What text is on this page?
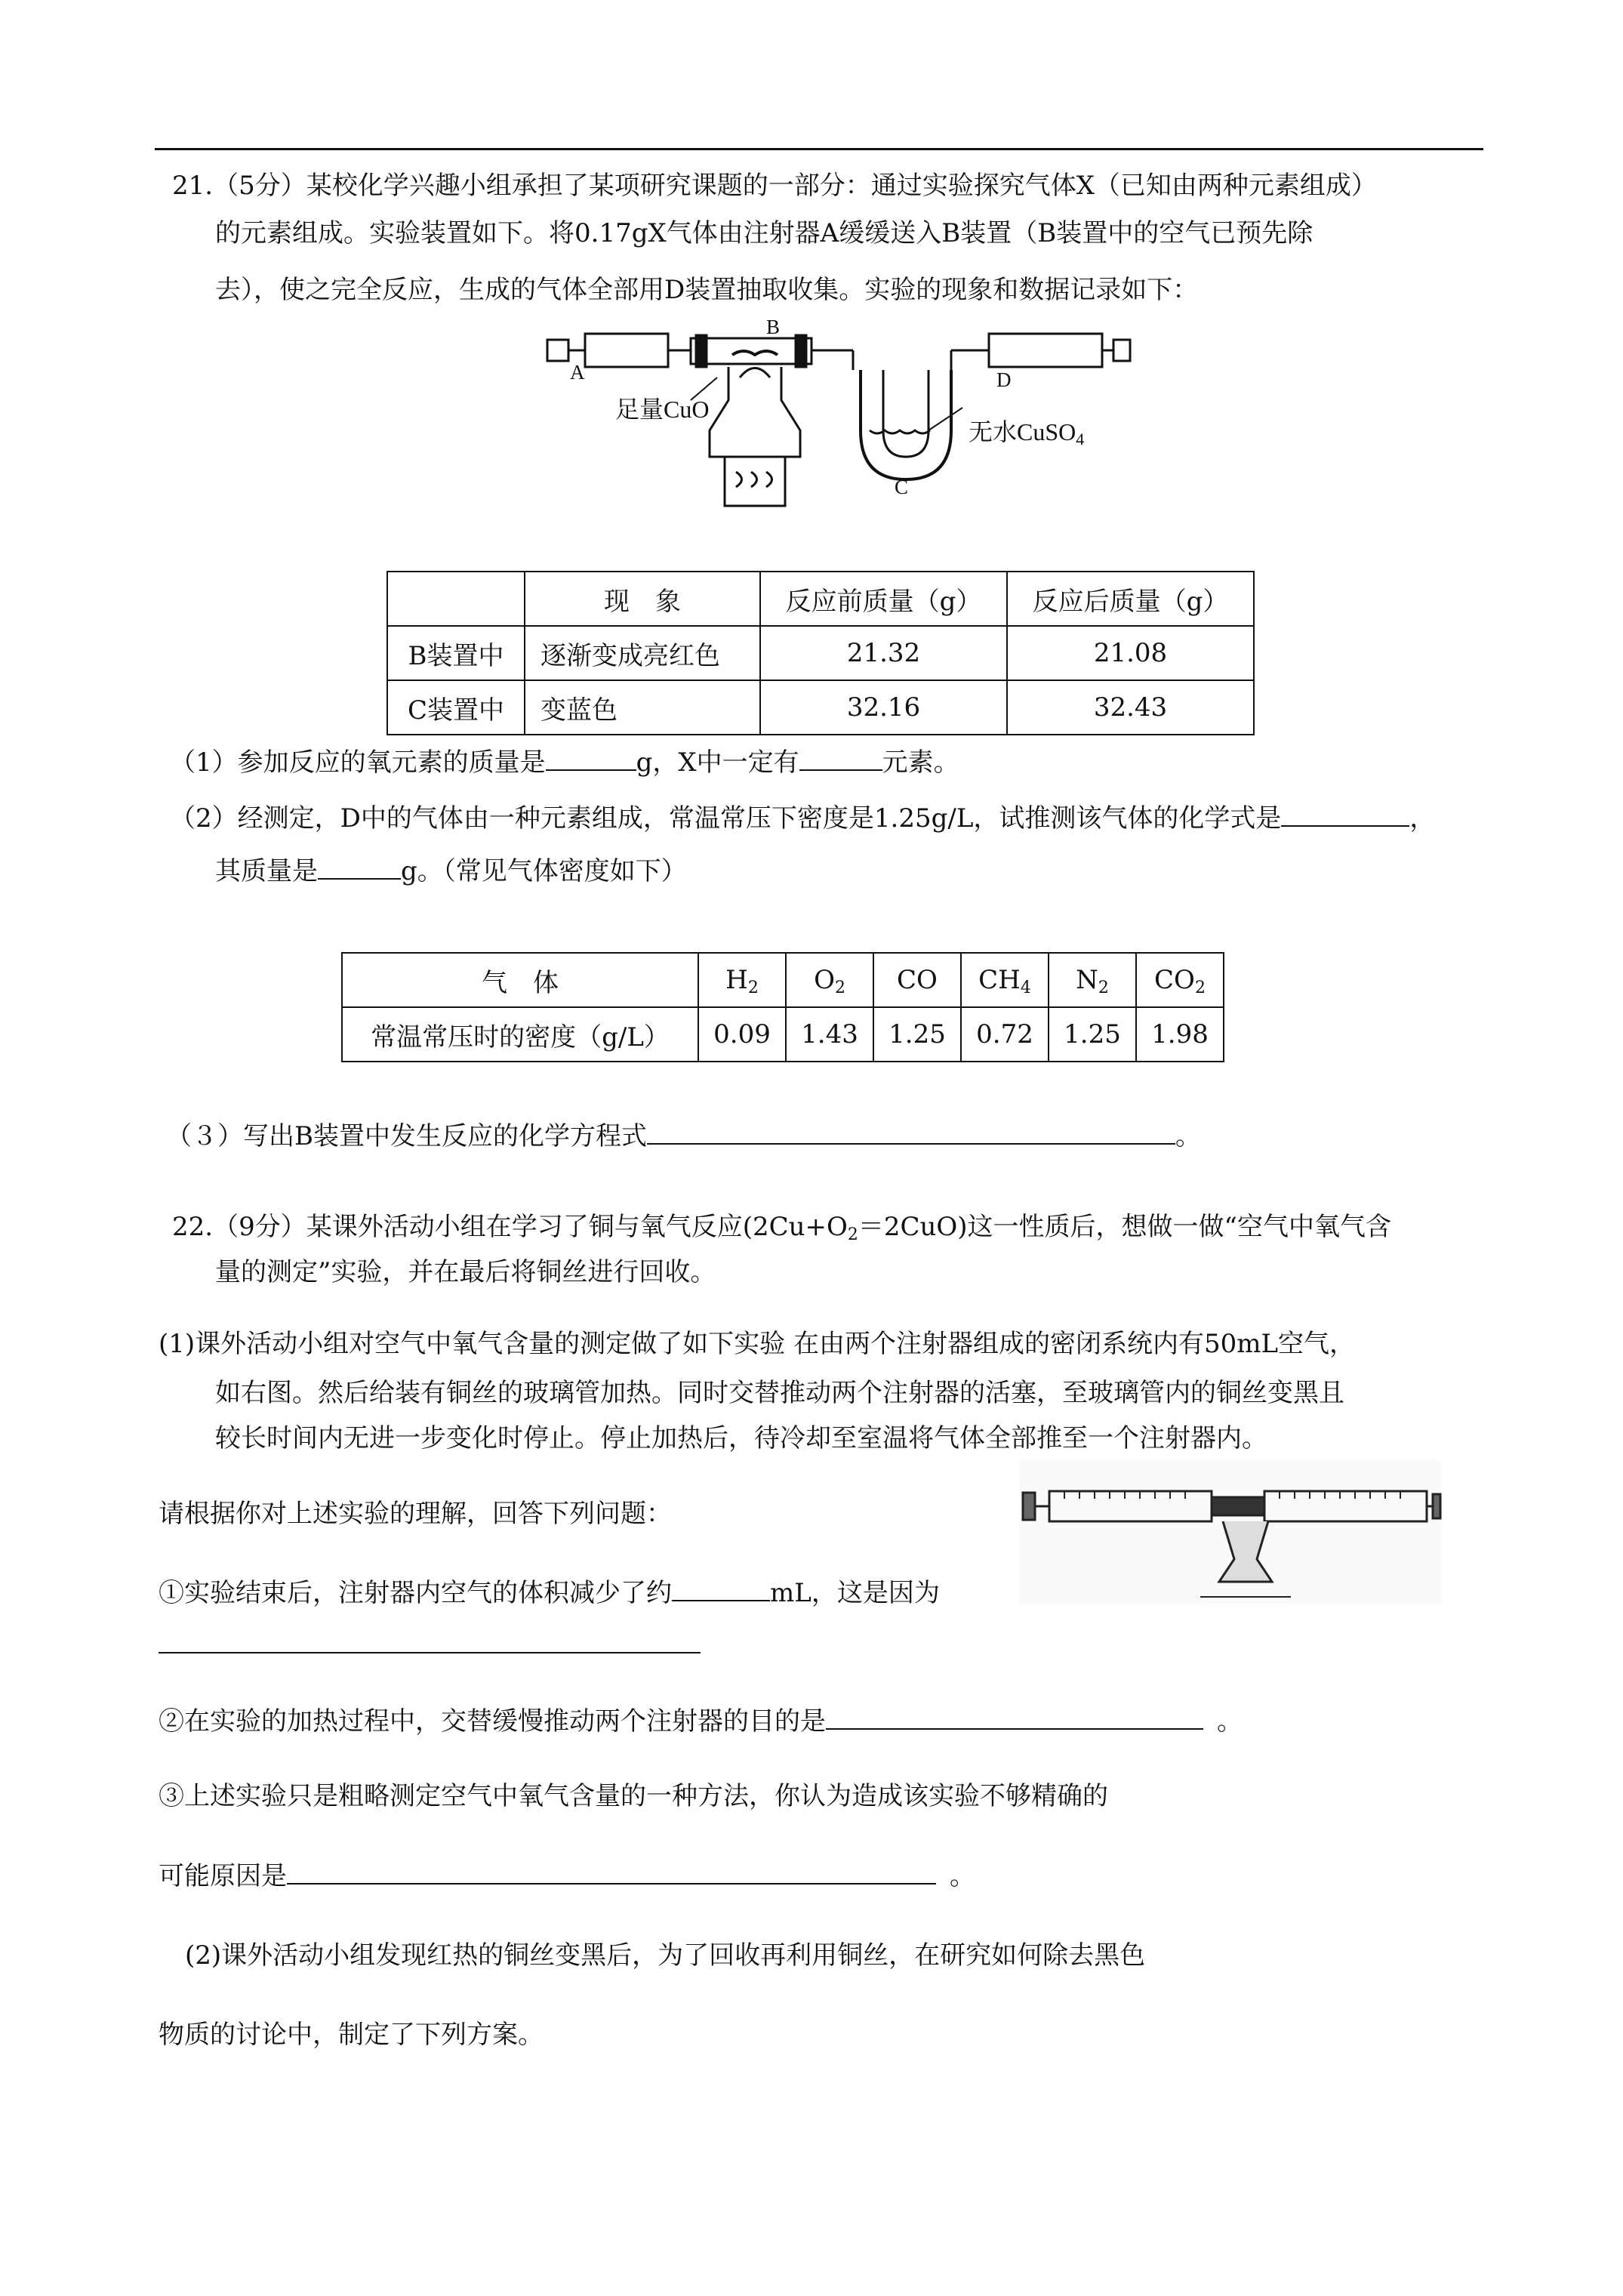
21.（5分）某校化学兴趣小组承担了某项研究课题的一部分：通过实验探究气体X（已知由两种元素组成）
的元素组成。实验装置如下。将0.17gX气体由注射器A缓缓送入B装置（B装置中的空气已预先除
去），使之完全反应，生成的气体全部用D装置抽取收集。实验的现象和数据记录如下：
A
B
D
C
足量CuO
无水CuSO$_4$
	现　象	反应前质量（g）	反应后质量（g）
B装置中	逐渐变成亮红色	21.32	21.08
C装置中	变蓝色	32.16	32.43
（1）参加反应的氧元素的质量是	g，X中一定有	元素。
（2）经测定，D中的气体由一种元素组成，常温常压下密度是1.25g/L，试推测该气体的化学式是	，
其质量是	g。（常见气体密度如下）
气　体	$H_2$	$O_2$	CO	$CH_4$	$N_2$	$CO_2$
常温常压时的密度（g/L）	0.09	1.43	1.25	0.72	1.25	1.98
（３）写出B装置中发生反应的化学方程式	。
22.（9分）某课外活动小组在学习了铜与氧气反应$(2Cu+O_2=2CuO)$这一性质后，想做一做“空气中氧气含
量的测定”实验，并在最后将铜丝进行回收。
(1)课外活动小组对空气中氧气含量的测定做了如下实验 在由两个注射器组成的密闭系统内有50mL空气，
如右图。然后给装有铜丝的玻璃管加热。同时交替推动两个注射器的活塞，至玻璃管内的铜丝变黑且
较长时间内无进一步变化时停止。停止加热后，待冷却至室温将气体全部推至一个注射器内。
请根据你对上述实验的理解，回答下列问题：
①实验结束后，注射器内空气的体积减少了约	mL，这是因为
②在实验的加热过程中，交替缓慢推动两个注射器的目的是	。
③上述实验只是粗略测定空气中氧气含量的一种方法，你认为造成该实验不够精确的
可能原因是	。
(2)课外活动小组发现红热的铜丝变黑后，为了回收再利用铜丝，在研究如何除去黑色
物质的讨论中，制定了下列方案。
